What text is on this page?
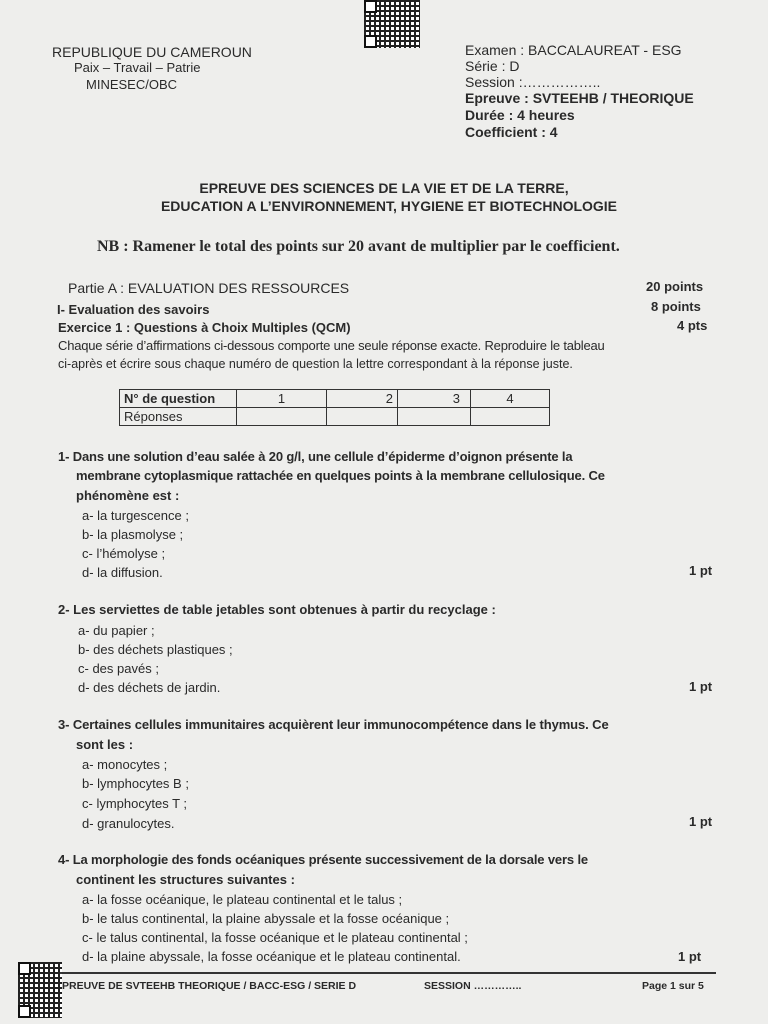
REPUBLIQUE DU CAMEROUN
Paix – Travail – Patrie
MINESEC/OBC
Examen : BACCALAUREAT - ESG
Série : D
Session :……………..
Epreuve : SVTEEHB / THEORIQUE
Durée : 4 heures
Coefficient : 4
EPREUVE DES SCIENCES DE LA VIE ET DE LA TERRE,
EDUCATION A L’ENVIRONNEMENT, HYGIENE ET BIOTECHNOLOGIE
NB : Ramener le total des points sur 20 avant de multiplier par le coefficient.
Partie A : EVALUATION DES RESSOURCES	20 points
I- Evaluation des savoirs	8 points
Exercice 1 : Questions à Choix Multiples (QCM)	4 pts
Chaque série d’affirmations ci-dessous comporte une seule réponse exacte. Reproduire le tableau
ci-après et écrire sous chaque numéro de question la lettre correspondant à la réponse juste.
N° de question	1	2	3	4
Réponses				
1- Dans une solution d’eau salée à 20 g/l, une cellule d’épiderme d’oignon présente la
membrane cytoplasmique rattachée en quelques points à la membrane cellulosique. Ce
phénomène est :
a- la turgescence ;
b- la plasmolyse ;
c- l’hémolyse ;
d- la diffusion.	1 pt
2- Les serviettes de table jetables sont obtenues à partir du recyclage :
a- du papier ;
b- des déchets plastiques ;
c- des pavés ;
d- des déchets de jardin.	1 pt
3- Certaines cellules immunitaires acquièrent leur immunocompétence dans le thymus. Ce
sont les :
a- monocytes ;
b- lymphocytes B ;
c- lymphocytes T ;
d- granulocytes.	1 pt
4- La morphologie des fonds océaniques présente successivement de la dorsale vers le
continent les structures suivantes :
a- la fosse océanique, le plateau continental et le talus ;
b- le talus continental, la plaine abyssale et la fosse océanique ;
c- le talus continental, la fosse océanique et le plateau continental ;
d- la plaine abyssale, la fosse océanique et le plateau continental.	1 pt
PREUVE DE SVTEEHB THEORIQUE / BACC-ESG / SERIE D	SESSION …………..	Page 1 sur 5
